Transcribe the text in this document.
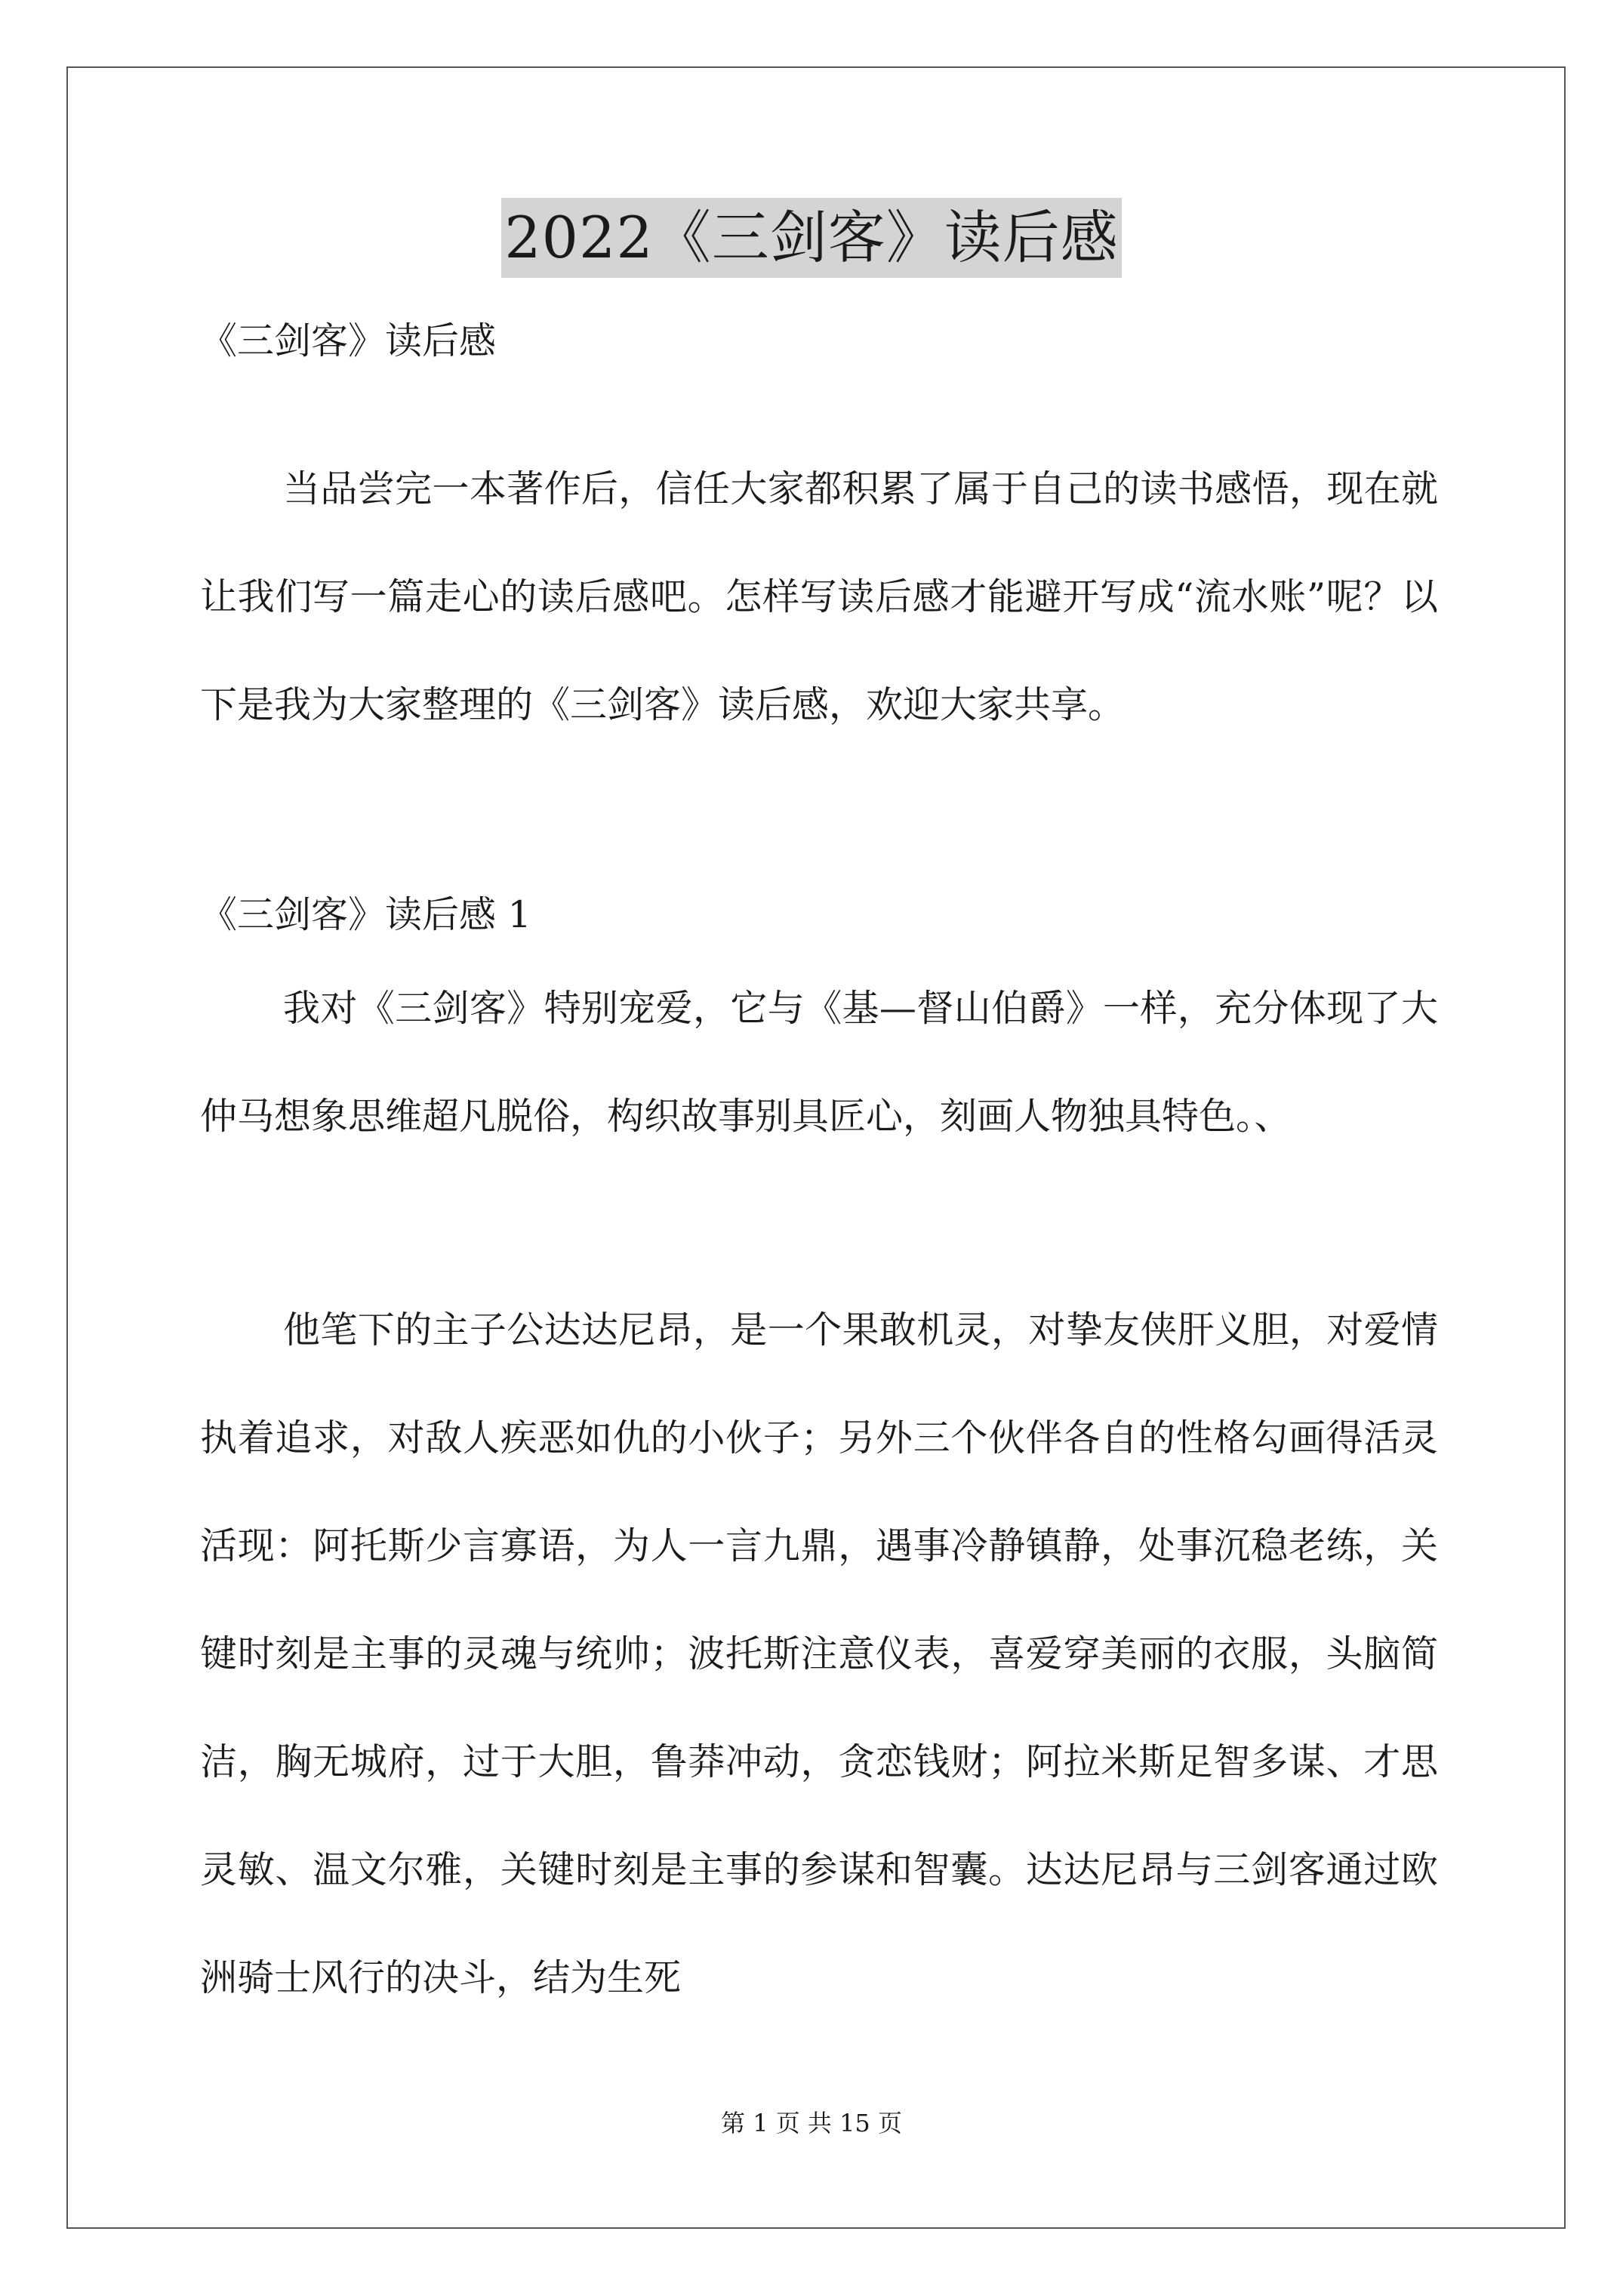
2022《三剑客》读后感
《三剑客》读后感
当品尝完一本著作后，信任大家都积累了属于自己的读书感悟，现在就让我们写一篇走心的读后感吧。怎样写读后感才能避开写成“流水账”呢？以下是我为大家整理的《三剑客》读后感，欢迎大家共享。
《三剑客》读后感 1
我对《三剑客》特别宠爱，它与《基—督山伯爵》一样，充分体现了大仲马想象思维超凡脱俗，构织故事别具匠心，刻画人物独具特色。、
他笔下的主子公达达尼昂，是一个果敢机灵，对挚友侠肝义胆，对爱情执着追求，对敌人疾恶如仇的小伙子；另外三个伙伴各自的性格勾画得活灵活现：阿托斯少言寡语，为人一言九鼎，遇事冷静镇静，处事沉稳老练，关键时刻是主事的灵魂与统帅；波托斯注意仪表，喜爱穿美丽的衣服，头脑简洁，胸无城府，过于大胆，鲁莽冲动，贪恋钱财；阿拉米斯足智多谋、才思灵敏、温文尔雅，关键时刻是主事的参谋和智囊。达达尼昂与三剑客通过欧洲骑士风行的决斗，结为生死
第 1 页 共 15 页
